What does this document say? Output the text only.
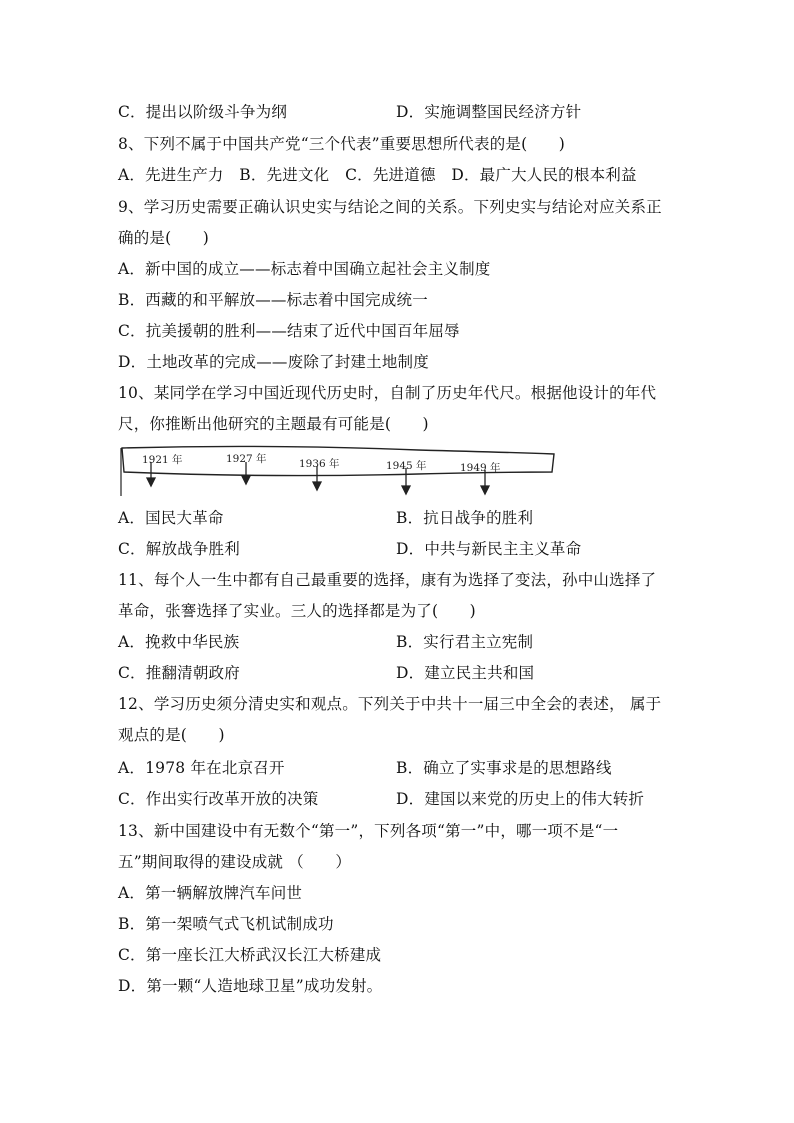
C．提出以阶级斗争为纲	D．实施调整国民经济方针
8、下列不属于中国共产党“三个代表”重要思想所代表的是(　　)
A．先进生产力　B．先进文化　C．先进道德　D．最广大人民的根本利益
9、学习历史需要正确认识史实与结论之间的关系。下列史实与结论对应关系正
确的是(　　)
A．新中国的成立——标志着中国确立起社会主义制度
B．西藏的和平解放——标志着中国完成统一
C．抗美援朝的胜利——结束了近代中国百年屈辱
D．土地改革的完成——废除了封建土地制度
10、某同学在学习中国近现代历史时，自制了历史年代尺。根据他设计的年代
尺，你推断出他研究的主题最有可能是(　　)
1921 年	1927 年	1936 年	1945 年	1949 年
A．国民大革命	B．抗日战争的胜利
C．解放战争胜利	D．中共与新民主主义革命
11、每个人一生中都有自己最重要的选择，康有为选择了变法，孙中山选择了
革命，张謇选择了实业。三人的选择都是为了(　　)
A．挽救中华民族	B．实行君主立宪制
C．推翻清朝政府	D．建立民主共和国
12、学习历史须分清史实和观点。下列关于中共十一届三中全会的表述， 属于
观点的是(　　)
A．1978 年在北京召开	B．确立了实事求是的思想路线
C．作出实行改革开放的决策	D．建国以来党的历史上的伟大转折
13、新中国建设中有无数个“第一”，下列各项“第一”中，哪一项不是“一
五”期间取得的建设成就 （　　）
A．第一辆解放牌汽车问世
B．第一架喷气式飞机试制成功
C．第一座长江大桥武汉长江大桥建成
D．第一颗“人造地球卫星”成功发射。
